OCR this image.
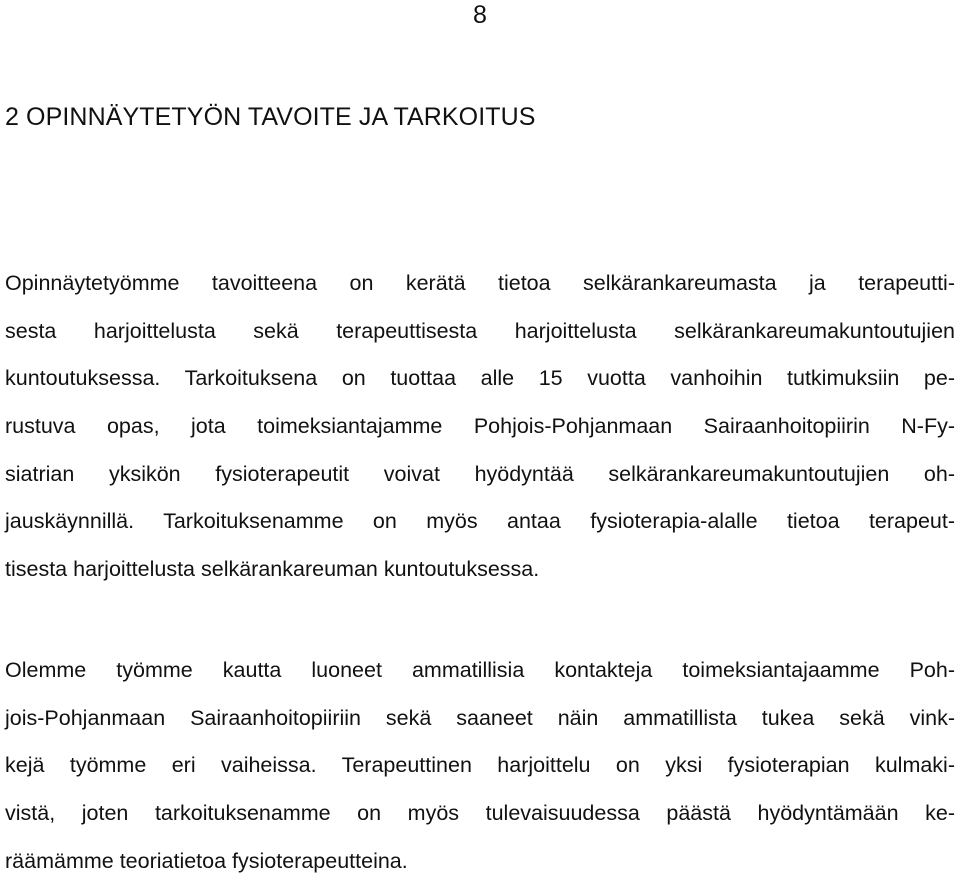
8
2 OPINNÄYTETYÖN TAVOITE JA TARKOITUS

Opinnäytetyömme tavoitteena on kerätä tietoa selkärankareumasta ja terapeutti-
sesta harjoittelusta sekä terapeuttisesta harjoittelusta selkärankareumakuntoutujien
kuntoutuksessa. Tarkoituksena on tuottaa alle 15 vuotta vanhoihin tutkimuksiin pe-
rustuva opas, jota toimeksiantajamme Pohjois-Pohjanmaan Sairaanhoitopiirin N-Fy-
siatrian yksikön fysioterapeutit voivat hyödyntää selkärankareumakuntoutujien oh-
jauskäynnillä. Tarkoituksenamme on myös antaa fysioterapia-alalle tietoa terapeut-
tisesta harjoittelusta selkärankareuman kuntoutuksessa.

Olemme työmme kautta luoneet ammatillisia kontakteja toimeksiantajaamme Poh-
jois-Pohjanmaan Sairaanhoitopiiriin sekä saaneet näin ammatillista tukea sekä vink-
kejä työmme eri vaiheissa. Terapeuttinen harjoittelu on yksi fysioterapian kulmaki-
vistä, joten tarkoituksenamme on myös tulevaisuudessa päästä hyödyntämään ke-
räämämme teoriatietoa fysioterapeutteina.
